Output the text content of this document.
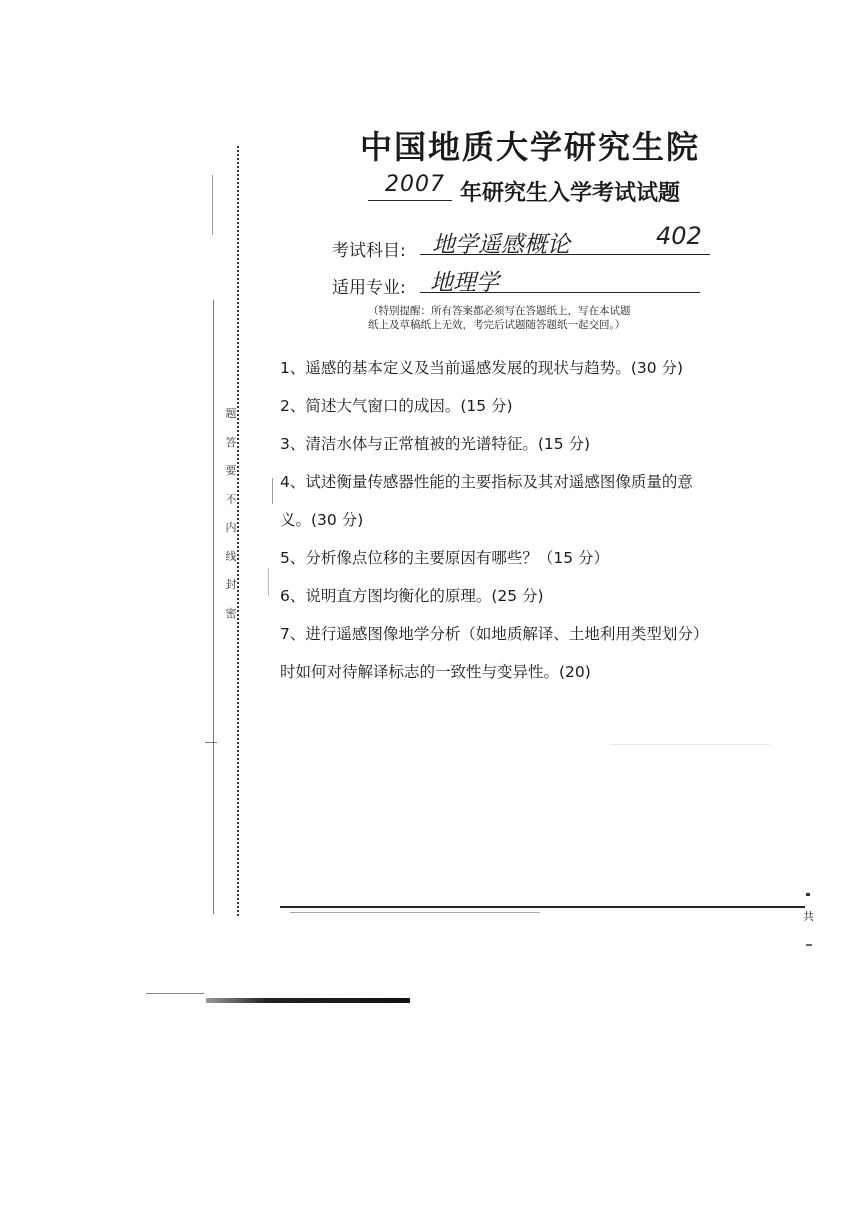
中国地质大学研究生院
2007 年研究生入学考试试题
考试科目: 地学遥感概论	402
适用专业: 地理学
（特别提醒：所有答案都必须写在答题纸上，写在本试题
纸上及草稿纸上无效，考完后试题随答题纸一起交回。）
1、遥感的基本定义及当前遥感发展的现状与趋势。(30 分)
2、简述大气窗口的成因。(15 分)
3、清洁水体与正常植被的光谱特征。(15 分)
4、试述衡量传感器性能的主要指标及其对遥感图像质量的意
义。(30 分)
5、分析像点位移的主要原因有哪些？（15 分）
6、说明直方图均衡化的原理。(25 分)
7、进行遥感图像地学分析（如地质解译、土地利用类型划分）
时如何对待解译标志的一致性与变异性。(20)
题
答
要
不
内
线
封
密
共
